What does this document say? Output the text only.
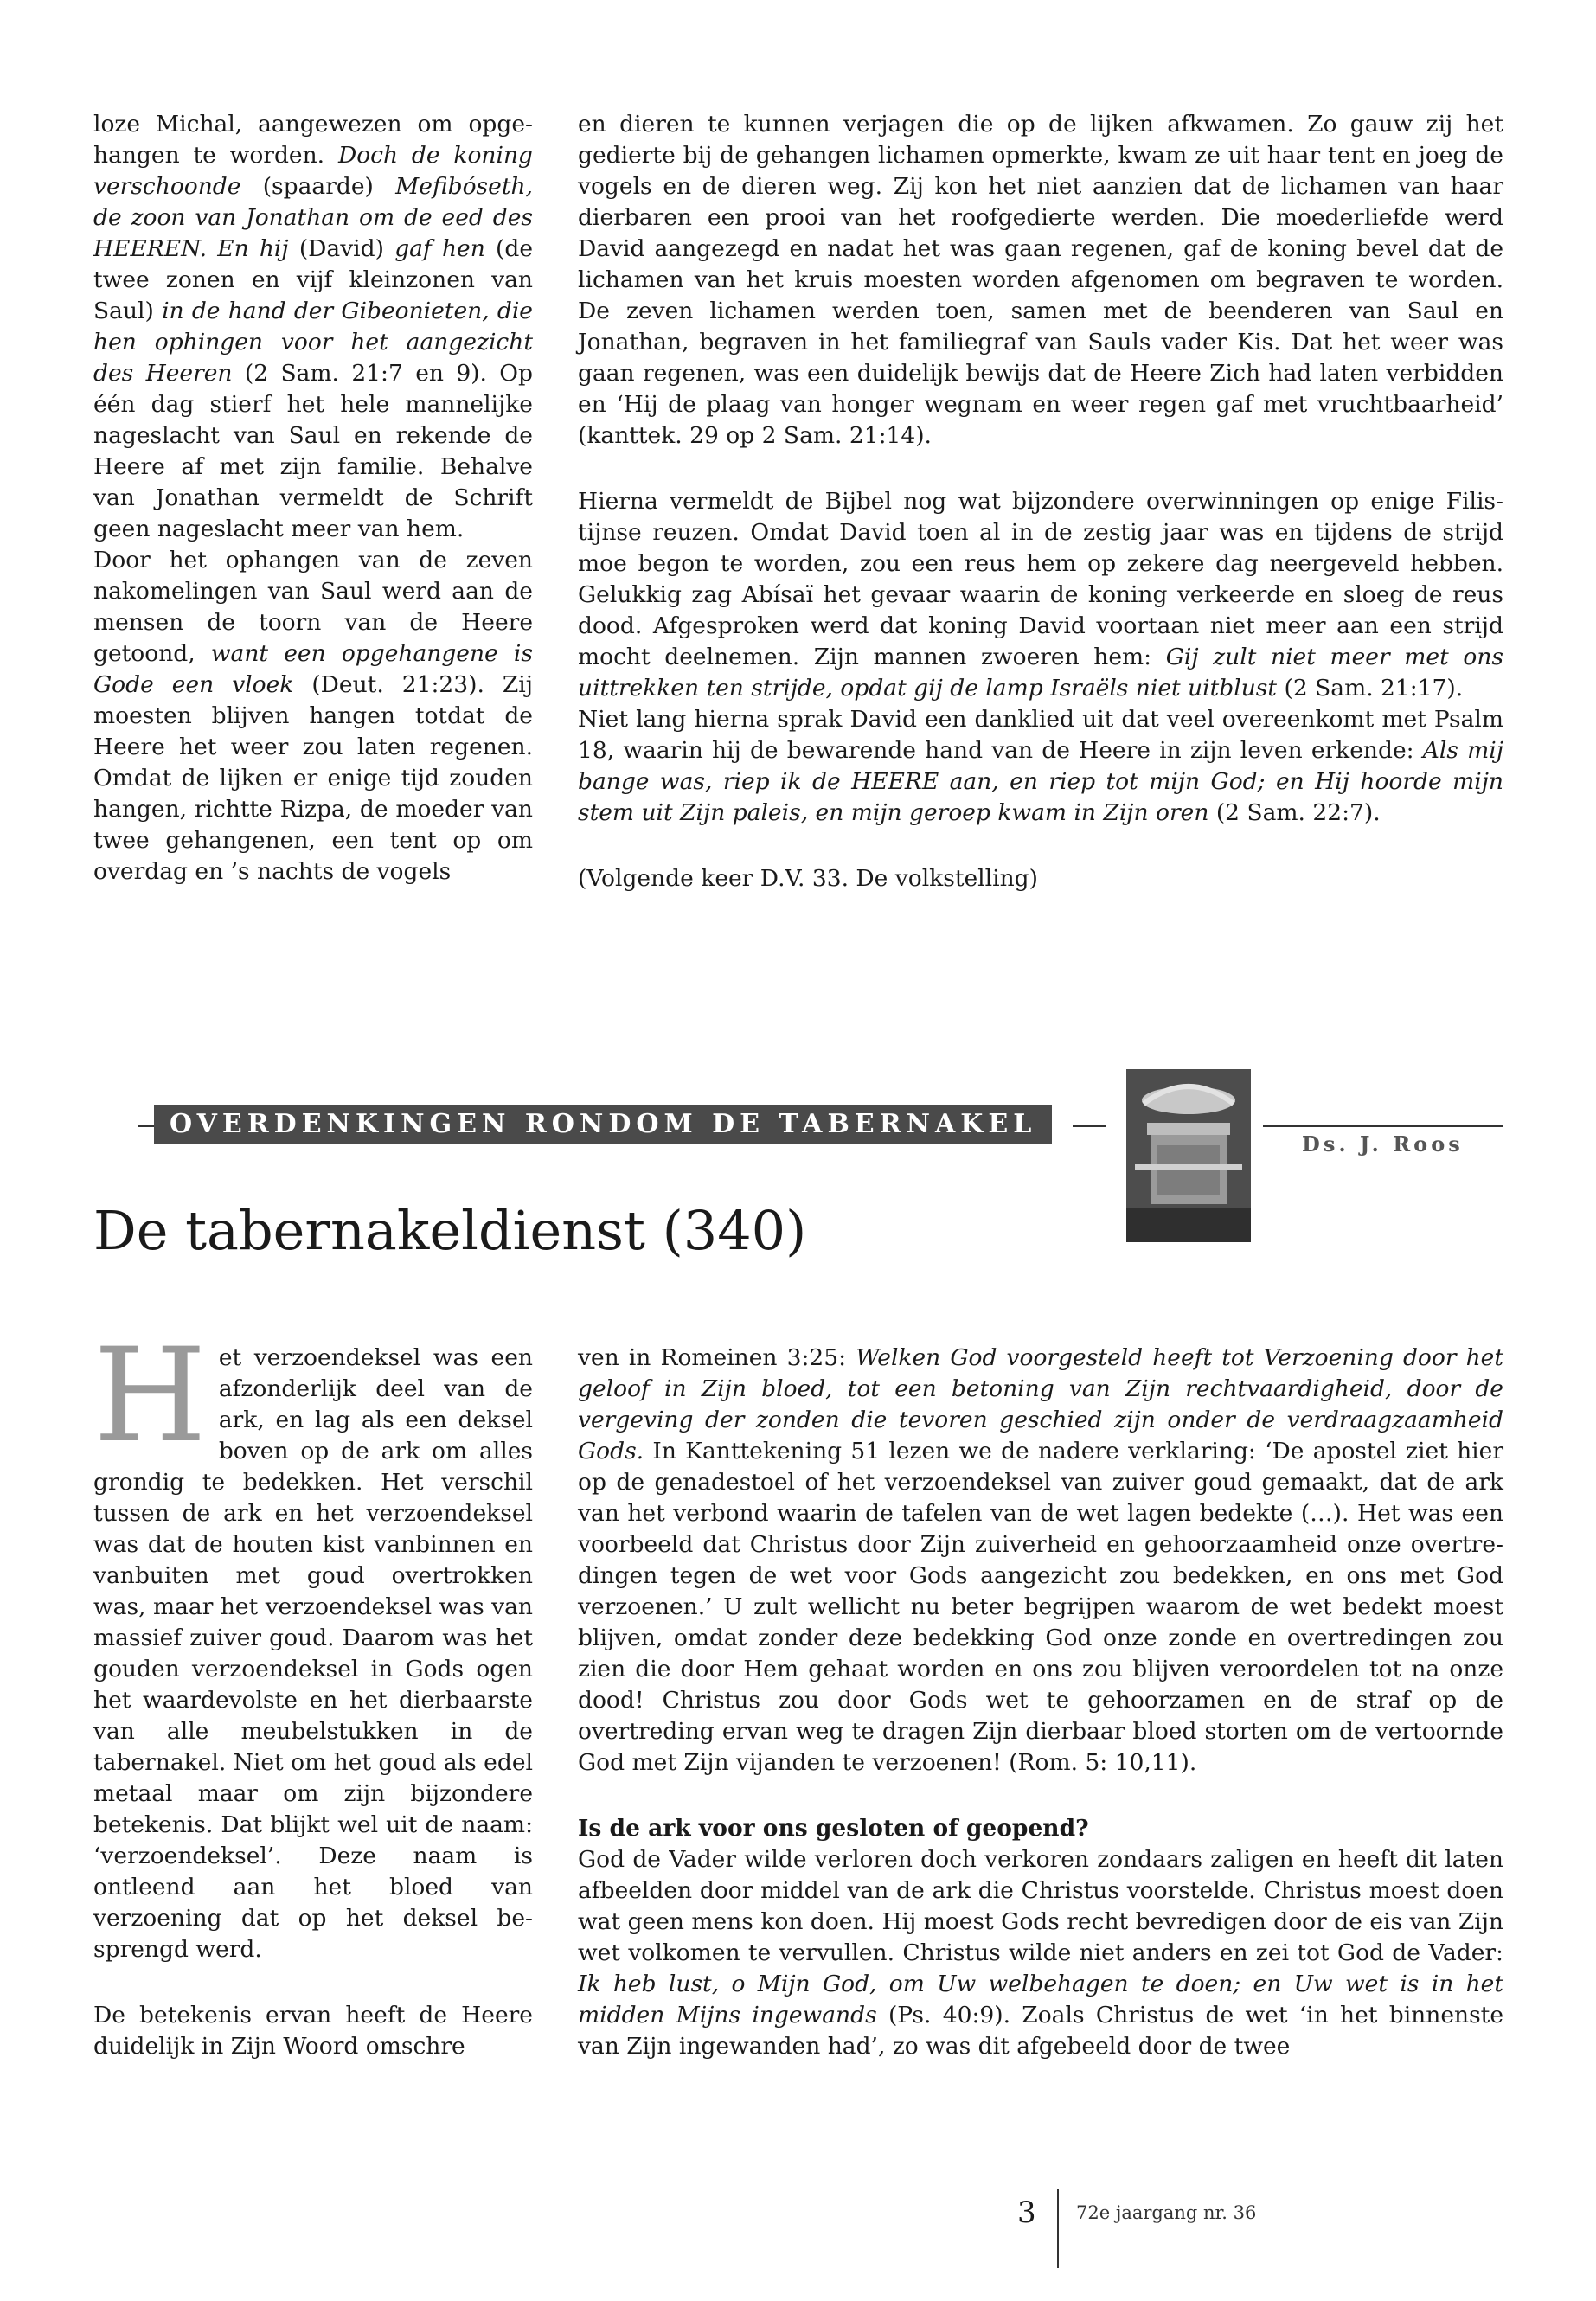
loze Michal, aangewezen om opgehangen te worden. Doch de koning verschoonde (spaarde) Mefibóseth, de zoon van Jonathan om de eed des HEEREN. En hij (David) gaf hen (de twee zonen en vijf kleinzonen van Saul) in de hand der Gibeonieten, die hen ophingen voor het aangezicht des Heeren (2 Sam. 21:7 en 9). Op één dag stierf het hele mannelijke nageslacht van Saul en rekende de Heere af met zijn familie. Behalve van Jonathan vermeldt de Schrift geen nageslacht meer van hem.

Door het ophangen van de zeven nakomelingen van Saul werd aan de mensen de toorn van de Heere getoond, want een opgehangene is Gode een vloek (Deut. 21:23). Zij moesten blijven hangen totdat de Heere het weer zou laten regenen. Omdat de lijken er enige tijd zouden hangen, richtte Rizpa, de moeder van twee gehangenen, een tent op om overdag en ’s nachts de vogels

en dieren te kunnen verjagen die op de lijken afkwamen. Zo gauw zij het gedierte bij de gehangen lichamen opmerkte, kwam ze uit haar tent en joeg de vogels en de dieren weg. Zij kon het niet aanzien dat de lichamen van haar dierbaren een prooi van het roofgedierte werden. Die moederliefde werd David aangezegd en nadat het was gaan regenen, gaf de koning bevel dat de lichamen van het kruis moesten worden afgenomen om begraven te worden. De zeven lichamen werden toen, samen met de beenderen van Saul en Jonathan, begraven in het familiegraf van Sauls vader Kis. Dat het weer was gaan regenen, was een duidelijk bewijs dat de Heere Zich had laten verbidden en ‘Hij de plaag van honger wegnam en weer regen gaf met vruchtbaarheid’ (kanttek. 29 op 2 Sam. 21:14).

Hierna vermeldt de Bijbel nog wat bijzondere overwinningen op enige Filistijnse reuzen. Omdat David toen al in de zestig jaar was en tijdens de strijd moe begon te worden, zou een reus hem op zekere dag neergeveld hebben. Gelukkig zag Abísaï het gevaar waarin de koning verkeerde en sloeg de reus dood. Afgesproken werd dat koning David voortaan niet meer aan een strijd mocht deelnemen. Zijn mannen zwoeren hem: Gij zult niet meer met ons uittrekken ten strijde, opdat gij de lamp Israëls niet uitblust (2 Sam. 21:17).

Niet lang hierna sprak David een danklied uit dat veel overeenkomt met Psalm 18, waarin hij de bewarende hand van de Heere in zijn leven erkende: Als mij bange was, riep ik de HEERE aan, en riep tot mijn God; en Hij hoorde mijn stem uit Zijn paleis, en mijn geroep kwam in Zijn oren (2 Sam. 22:7).

(Volgende keer D.V. 33. De volkstelling)

OVERDENKINGEN RONDOM DE TABERNAKEL
Ds. J. Roos
De tabernakeldienst (340)

H et verzoendeksel was een afzonderlijk deel van de ark, en lag als een deksel boven op de ark om alles grondig te bedekken. Het verschil tussen de ark en het verzoendeksel was dat de houten kist vanbinnen en vanbuiten met goud overtrokken was, maar het verzoendeksel was van massief zuiver goud. Daarom was het gouden verzoendeksel in Gods ogen het waardevolste en het dierbaarste van alle meubelstukken in de tabernakel. Niet om het goud als edel metaal maar om zijn bijzondere betekenis. Dat blijkt wel uit de naam: ‘verzoendeksel’. Deze naam is ontleend aan het bloed van verzoening dat op het deksel besprengd werd.

De betekenis ervan heeft de Heere duidelijk in Zijn Woord omschre

ven in Romeinen 3:25: Welken God voorgesteld heeft tot Verzoening door het geloof in Zijn bloed, tot een betoning van Zijn rechtvaardigheid, door de vergeving der zonden die tevoren geschied zijn onder de verdraagzaamheid Gods. In Kanttekening 51 lezen we de nadere verklaring: ‘De apostel ziet hier op de genadestoel of het verzoendeksel van zuiver goud gemaakt, dat de ark van het verbond waarin de tafelen van de wet lagen bedekte (…). Het was een voorbeeld dat Christus door Zijn zuiverheid en gehoorzaamheid onze overtredingen tegen de wet voor Gods aangezicht zou bedekken, en ons met God verzoenen.’ U zult wellicht nu beter begrijpen waarom de wet bedekt moest blijven, omdat zonder deze bedekking God onze zonde en overtredingen zou zien die door Hem gehaat worden en ons zou blijven veroordelen tot na onze dood! Christus zou door Gods wet te gehoorzamen en de straf op de overtreding ervan weg te dragen Zijn dierbaar bloed storten om de vertoornde God met Zijn vijanden te verzoenen! (Rom. 5: 10,11).

Is de ark voor ons gesloten of geopend?

God de Vader wilde verloren doch verkoren zondaars zaligen en heeft dit laten afbeelden door middel van de ark die Christus voorstelde. Christus moest doen wat geen mens kon doen. Hij moest Gods recht bevredigen door de eis van Zijn wet volkomen te vervullen. Christus wilde niet anders en zei tot God de Vader: Ik heb lust, o Mijn God, om Uw welbehagen te doen; en Uw wet is in het midden Mijns ingewands (Ps. 40:9). Zoals Christus de wet ‘in het binnenste van Zijn ingewanden had’, zo was dit afgebeeld door de twee

3 72e jaargang nr. 36
